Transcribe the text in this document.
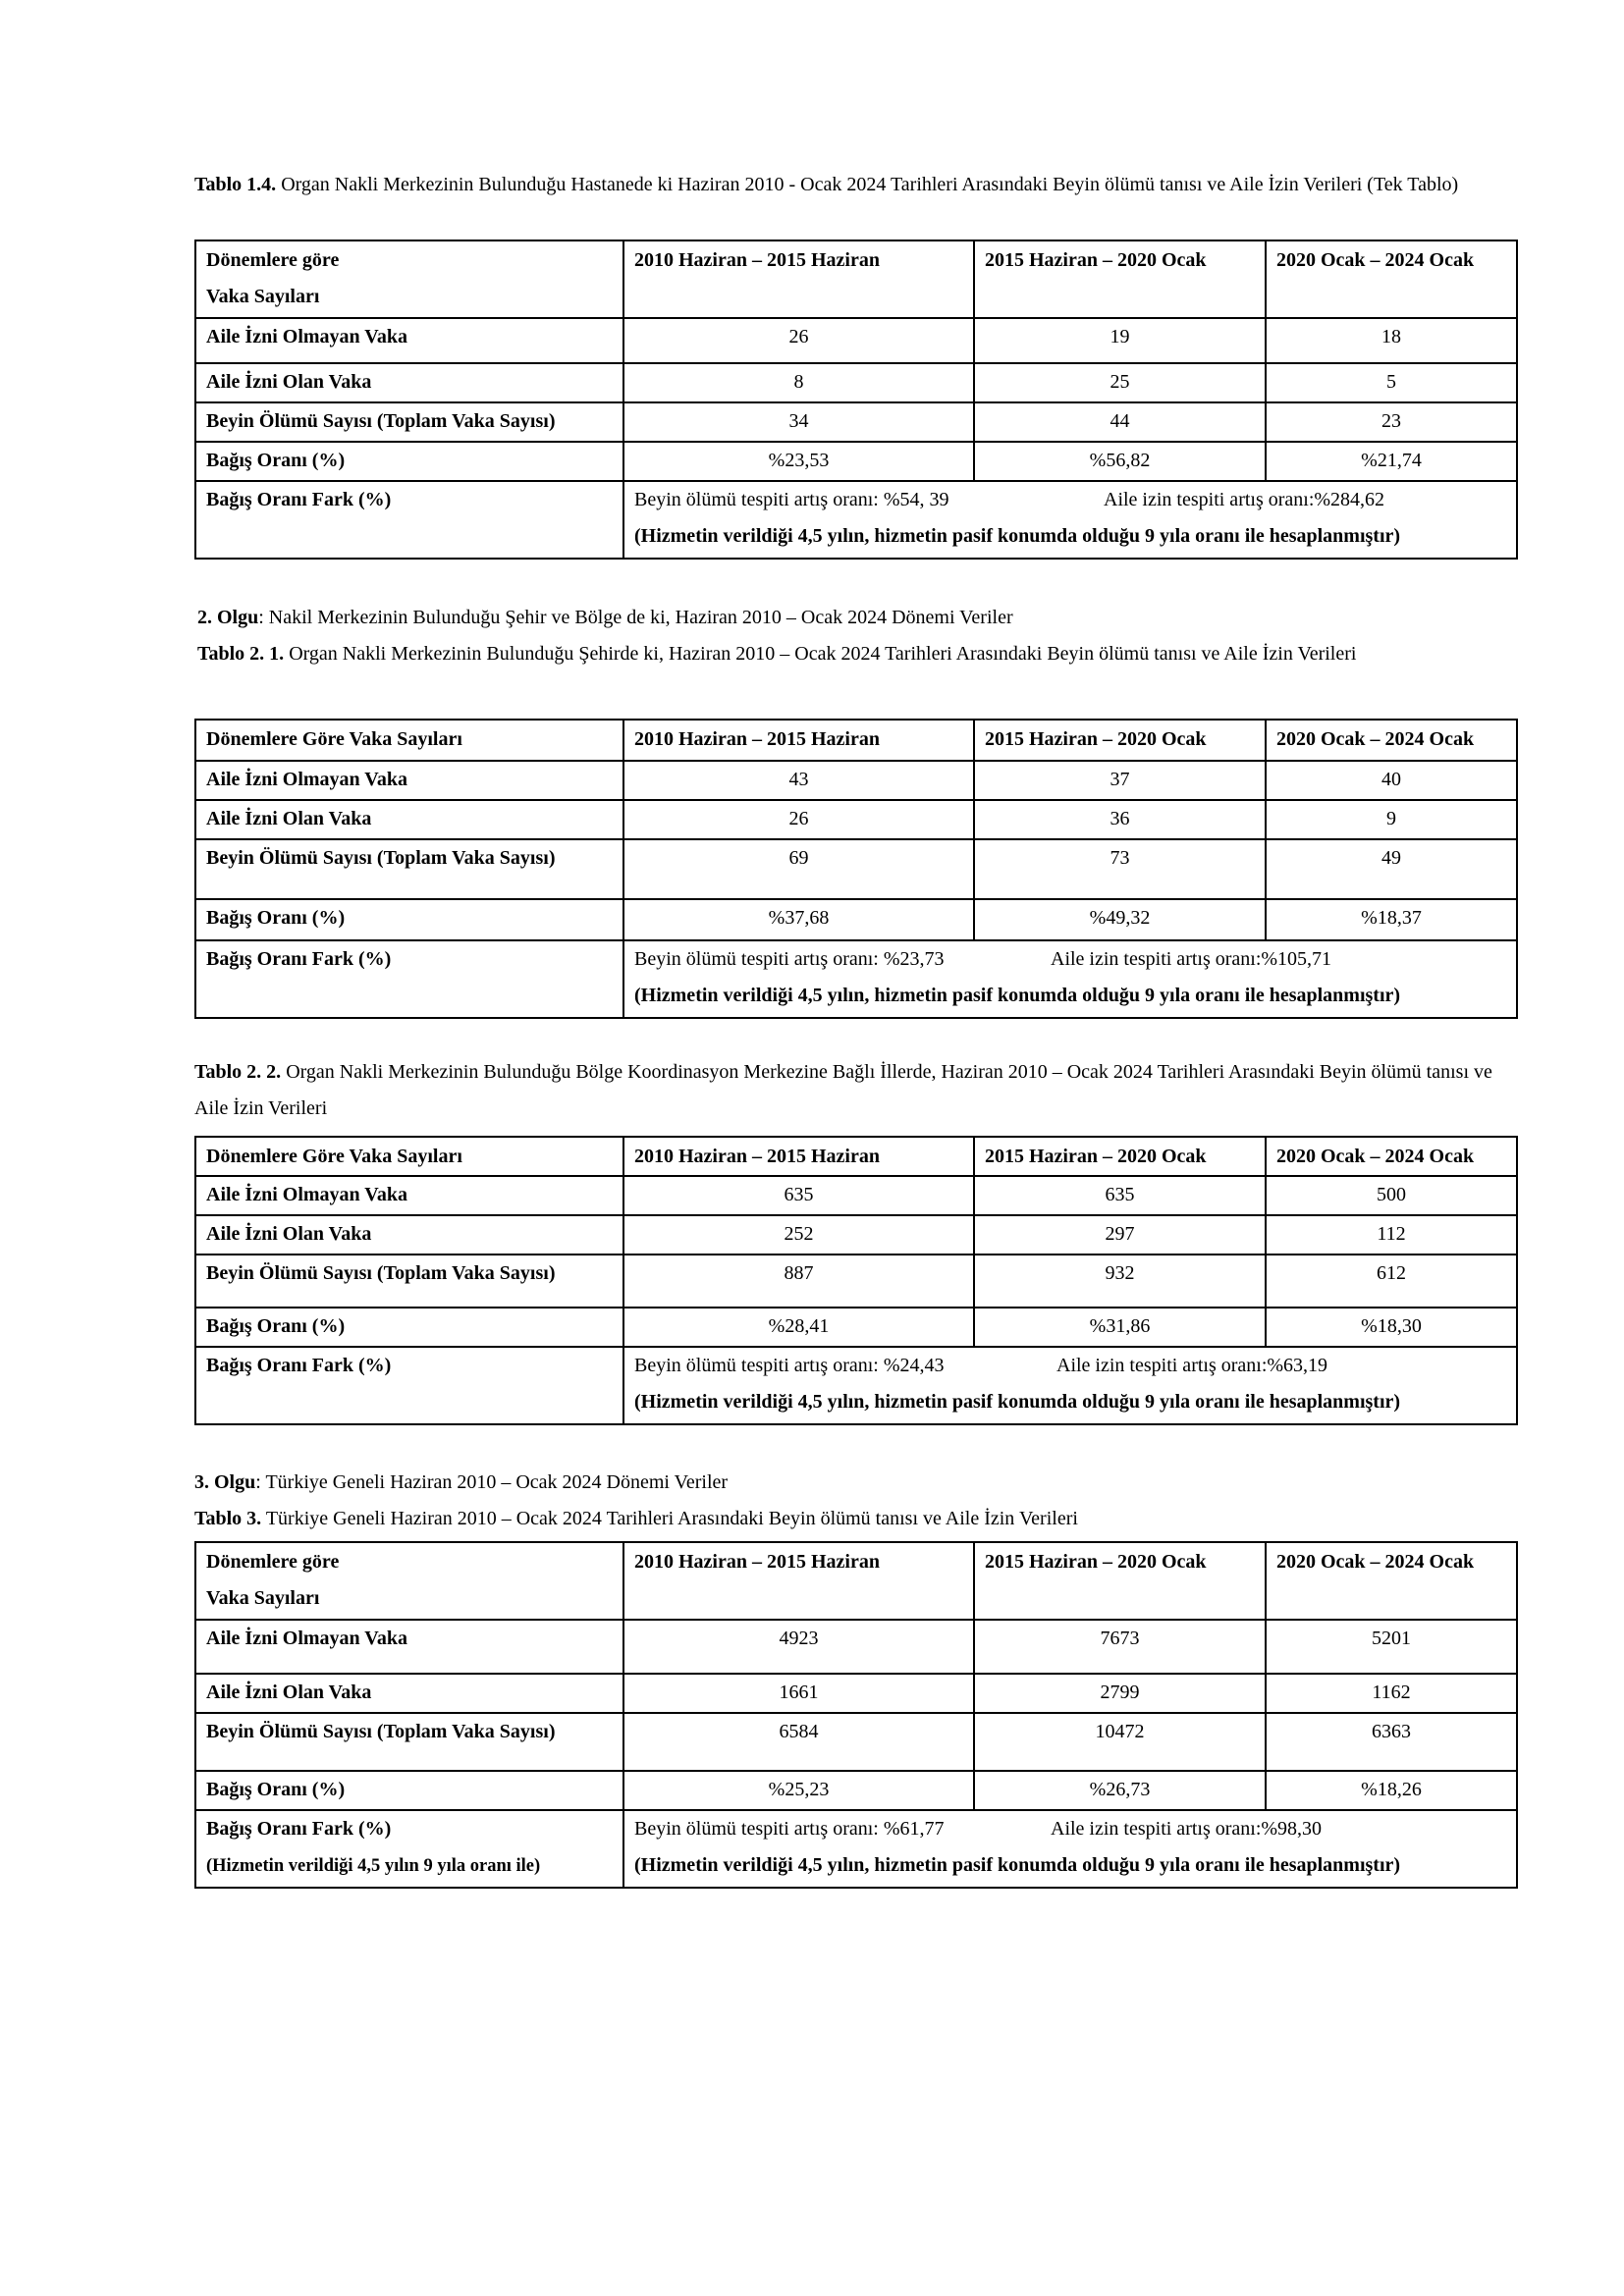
Tablo 1.4. Organ Nakli Merkezinin Bulunduğu Hastanede ki Haziran 2010 - Ocak 2024 Tarihleri Arasındaki Beyin ölümü tanısı ve Aile İzin Verileri (Tek Tablo)
Dönemlere göre
Vaka Sayıları	2010 Haziran – 2015 Haziran	2015 Haziran – 2020 Ocak	2020 Ocak – 2024 Ocak
Aile İzni Olmayan Vaka	26	19	18
Aile İzni Olan Vaka	8	25	5
Beyin Ölümü Sayısı (Toplam Vaka Sayısı)	34	44	23
Bağış Oranı (%)	%23,53	%56,82	%21,74
Bağış Oranı Fark (%)	Beyin ölümü tespiti artış oranı: %54, 39 Aile izin tespiti artış oranı:%284,62
(Hizmetin verildiği 4,5 yılın, hizmetin pasif konumda olduğu 9 yıla oranı ile hesaplanmıştır)		
2. Olgu: Nakil Merkezinin Bulunduğu Şehir ve Bölge de ki, Haziran 2010 – Ocak 2024 Dönemi Veriler
Tablo 2. 1. Organ Nakli Merkezinin Bulunduğu Şehirde ki, Haziran 2010 – Ocak 2024 Tarihleri Arasındaki Beyin ölümü tanısı ve Aile İzin Verileri
Dönemlere Göre Vaka Sayıları	2010 Haziran – 2015 Haziran	2015 Haziran – 2020 Ocak	2020 Ocak – 2024 Ocak
Aile İzni Olmayan Vaka	43	37	40
Aile İzni Olan Vaka	26	36	9
Beyin Ölümü Sayısı (Toplam Vaka Sayısı)	69	73	49
Bağış Oranı (%)	%37,68	%49,32	%18,37
Bağış Oranı Fark (%)	Beyin ölümü tespiti artış oranı: %23,73 Aile izin tespiti artış oranı:%105,71
(Hizmetin verildiği 4,5 yılın, hizmetin pasif konumda olduğu 9 yıla oranı ile hesaplanmıştır)		
Tablo 2. 2. Organ Nakli Merkezinin Bulunduğu Bölge Koordinasyon Merkezine Bağlı İllerde, Haziran 2010 – Ocak 2024 Tarihleri Arasındaki Beyin ölümü tanısı ve Aile İzin Verileri
Dönemlere Göre Vaka Sayıları	2010 Haziran – 2015 Haziran	2015 Haziran – 2020 Ocak	2020 Ocak – 2024 Ocak
Aile İzni Olmayan Vaka	635	635	500
Aile İzni Olan Vaka	252	297	112
Beyin Ölümü Sayısı (Toplam Vaka Sayısı)	887	932	612
Bağış Oranı (%)	%28,41	%31,86	%18,30
Bağış Oranı Fark (%)	Beyin ölümü tespiti artış oranı: %24,43 Aile izin tespiti artış oranı:%63,19
(Hizmetin verildiği 4,5 yılın, hizmetin pasif konumda olduğu 9 yıla oranı ile hesaplanmıştır)		
3. Olgu: Türkiye Geneli Haziran 2010 – Ocak 2024 Dönemi Veriler
Tablo 3. Türkiye Geneli Haziran 2010 – Ocak 2024 Tarihleri Arasındaki Beyin ölümü tanısı ve Aile İzin Verileri
Dönemlere göre
Vaka Sayıları	2010 Haziran – 2015 Haziran	2015 Haziran – 2020 Ocak	2020 Ocak – 2024 Ocak
Aile İzni Olmayan Vaka	4923	7673	5201
Aile İzni Olan Vaka	1661	2799	1162
Beyin Ölümü Sayısı (Toplam Vaka Sayısı)	6584	10472	6363
Bağış Oranı (%)	%25,23	%26,73	%18,26
Bağış Oranı Fark (%)
(Hizmetin verildiği 4,5 yılın 9 yıla oranı ile)	Beyin ölümü tespiti artış oranı: %61,77 Aile izin tespiti artış oranı:%98,30
(Hizmetin verildiği 4,5 yılın, hizmetin pasif konumda olduğu 9 yıla oranı ile hesaplanmıştır)		
